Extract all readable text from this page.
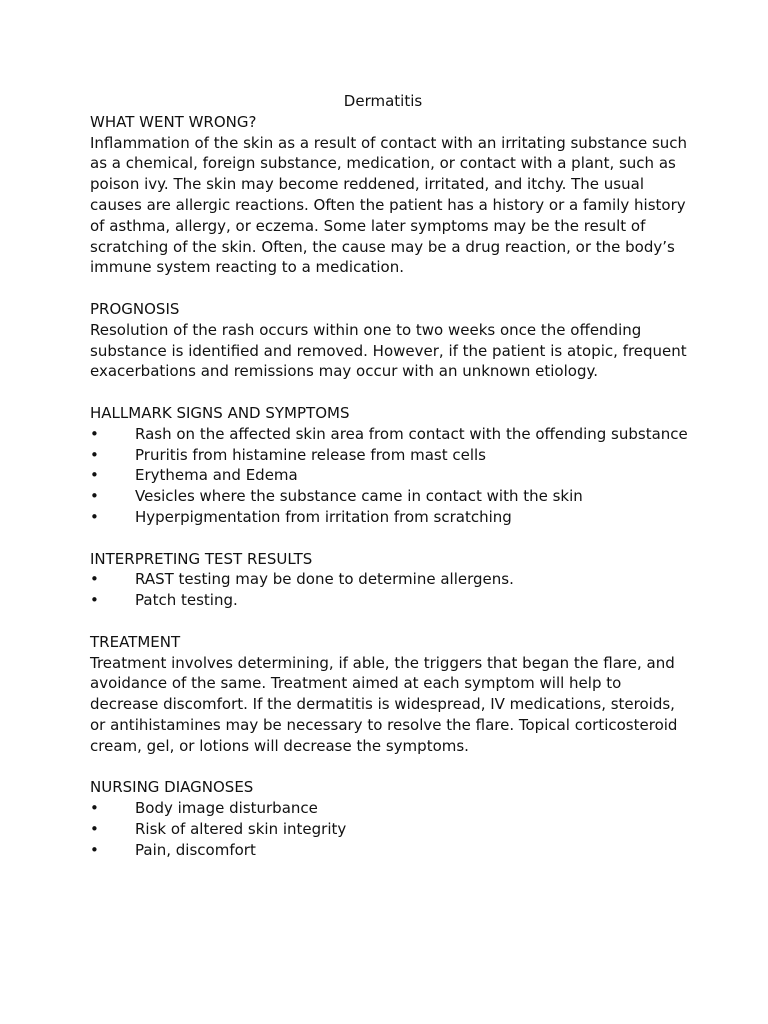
Dermatitis

WHAT WENT WRONG?

Inflammation of the skin as a result of contact with an irritating substance such as a chemical, foreign substance, medication, or contact with a plant, such as poison ivy. The skin may become reddened, irritated, and itchy. The usual causes are allergic reactions. Often the patient has a history or a family history of asthma, allergy, or eczema. Some later symptoms may be the result of scratching of the skin. Often, the cause may be a drug reaction, or the body’s immune system reacting to a medication.

PROGNOSIS

Resolution of the rash occurs within one to two weeks once the offending substance is identified and removed. However, if the patient is atopic, frequent exacerbations and remissions may occur with an unknown etiology.

HALLMARK SIGNS AND SYMPTOMS

• Rash on the affected skin area from contact with the offending substance
• Pruritis from histamine release from mast cells
• Erythema and Edema
• Vesicles where the substance came in contact with the skin
• Hyperpigmentation from irritation from scratching

INTERPRETING TEST RESULTS

• RAST testing may be done to determine allergens.
• Patch testing.

TREATMENT

Treatment involves determining, if able, the triggers that began the flare, and avoidance of the same. Treatment aimed at each symptom will help to decrease discomfort. If the dermatitis is widespread, IV medications, steroids, or antihistamines may be necessary to resolve the flare. Topical corticosteroid cream, gel, or lotions will decrease the symptoms.

NURSING DIAGNOSES

• Body image disturbance
• Risk of altered skin integrity
• Pain, discomfort
